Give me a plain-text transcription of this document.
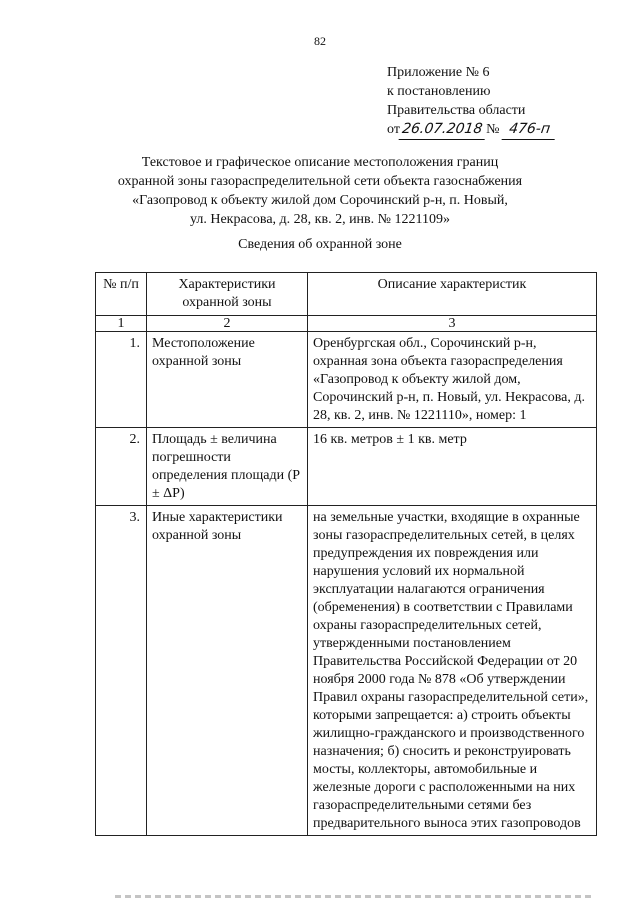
82
Приложение № 6
к постановлению
Правительства области
от26.07.2018 № 476-п
Текстовое и графическое описание местоположения границ
охранной зоны газораспределительной сети объекта газоснабжения
«Газопровод к объекту жилой дом Сорочинский р-н, п. Новый,
ул. Некрасова, д. 28, кв. 2, инв. № 1221109»
Сведения об охранной зоне
№ п/п	Характеристики охранной зоны	Описание характеристик
1	2	3
1.	Местоположение охранной зоны	Оренбургская обл., Сорочинский р-н, охранная зона объекта газораспределения «Газопровод к объекту жилой дом, Сорочинский р-н, п. Новый, ул. Некрасова, д. 28, кв. 2, инв. № 1221110», номер: 1
2.	Площадь ± величина погрешности определения площади (Р ± ΔР)	16 кв. метров ± 1 кв. метр
3.	Иные характеристики охранной зоны	на земельные участки, входящие в охранные зоны газораспределительных сетей, в целях предупреждения их повреждения или нарушения условий их нормальной эксплуатации налагаются ограничения (обременения) в соответствии с Правилами охраны газораспределительных сетей, утвержденными постановлением Правительства Российской Федерации от 20 ноября 2000 года № 878 «Об утверждении Правил охраны газораспределительной сети», которыми запрещается: а) строить объекты жилищно-гражданского и производственного назначения; б) сносить и реконструировать мосты, коллекторы, автомобильные и железные дороги с расположенными на них газораспределительными сетями без предварительного выноса этих газопроводов
